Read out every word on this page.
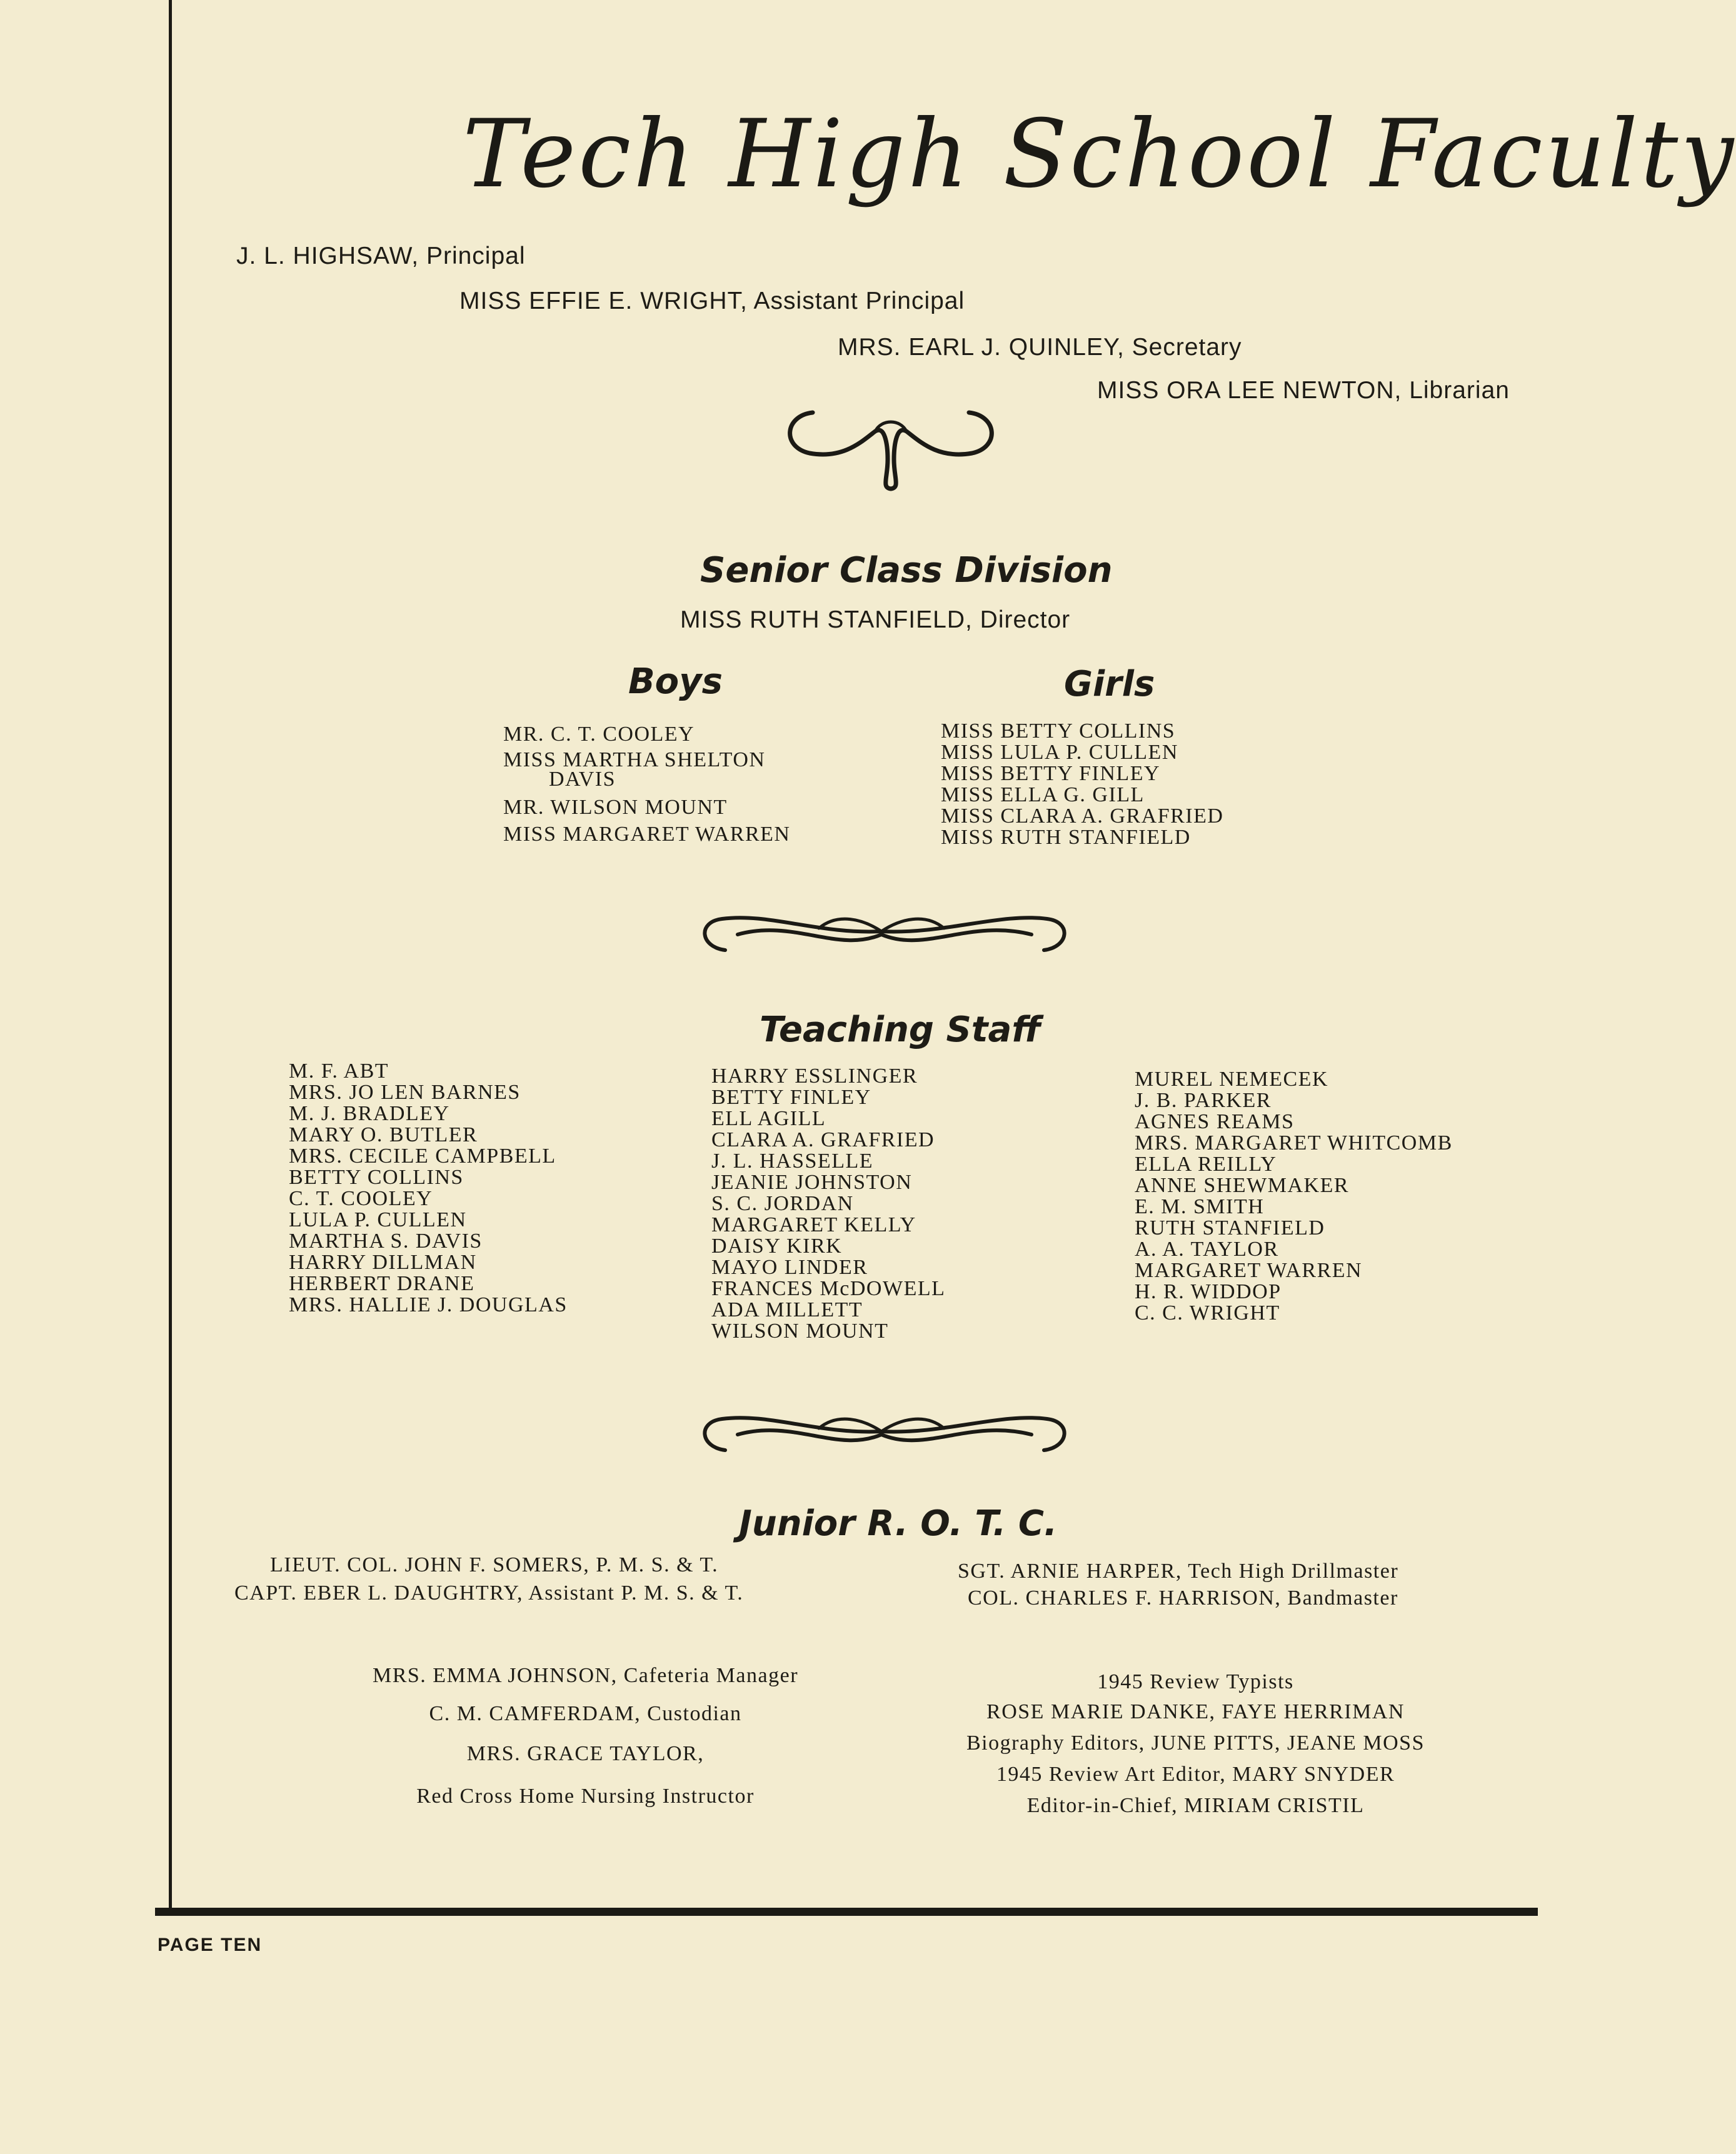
Tech High School Faculty
J. L. HIGHSAW, Principal
MISS EFFIE E. WRIGHT, Assistant Principal
MRS. EARL J. QUINLEY, Secretary
MISS ORA LEE NEWTON, Librarian
Senior Class Division
MISS RUTH STANFIELD, Director
Boys	Girls
MR. C. T. COOLEY
MISS MARTHA SHELTON
DAVIS
MR. WILSON MOUNT
MISS MARGARET WARREN
MISS BETTY COLLINS
MISS LULA P. CULLEN
MISS BETTY FINLEY
MISS ELLA G. GILL
MISS CLARA A. GRAFRIED
MISS RUTH STANFIELD
Teaching Staff
M. F. ABT
MRS. JO LEN BARNES
M. J. BRADLEY
MARY O. BUTLER
MRS. CECILE CAMPBELL
BETTY COLLINS
C. T. COOLEY
LULA P. CULLEN
MARTHA S. DAVIS
HARRY DILLMAN
HERBERT DRANE
MRS. HALLIE J. DOUGLAS
HARRY ESSLINGER
BETTY FINLEY
ELL AGILL
CLARA A. GRAFRIED
J. L. HASSELLE
JEANIE JOHNSTON
S. C. JORDAN
MARGARET KELLY
DAISY KIRK
MAYO LINDER
FRANCES McDOWELL
ADA MILLETT
WILSON MOUNT
MUREL NEMECEK
J. B. PARKER
AGNES REAMS
MRS. MARGARET WHITCOMB
ELLA REILLY
ANNE SHEWMAKER
E. M. SMITH
RUTH STANFIELD
A. A. TAYLOR
MARGARET WARREN
H. R. WIDDOP
C. C. WRIGHT
Junior R. O. T. C.
LIEUT. COL. JOHN F. SOMERS, P. M. S. & T.
CAPT. EBER L. DAUGHTRY, Assistant P. M. S. & T.
SGT. ARNIE HARPER, Tech High Drillmaster
COL. CHARLES F. HARRISON, Bandmaster
MRS. EMMA JOHNSON, Cafeteria Manager
C. M. CAMFERDAM, Custodian
MRS. GRACE TAYLOR,
Red Cross Home Nursing Instructor
1945 Review Typists
ROSE MARIE DANKE, FAYE HERRIMAN
Biography Editors, JUNE PITTS, JEANE MOSS
1945 Review Art Editor, MARY SNYDER
Editor-in-Chief, MIRIAM CRISTIL
PAGE TEN
